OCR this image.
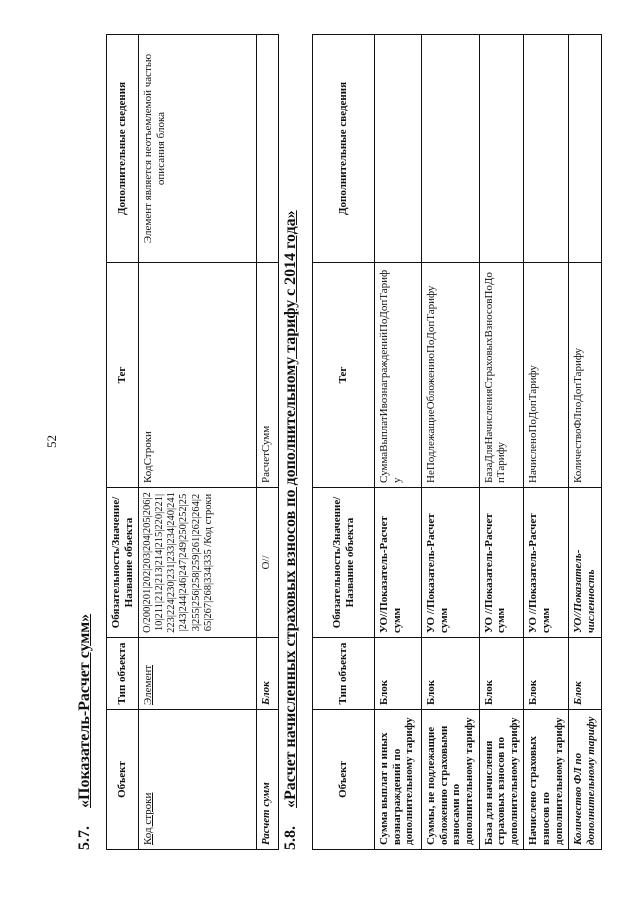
52
5.7.«Показатель-Расчет сумм» Объект	Тип объекта	Обязательность/Значение/Название объекта	Тег	Дополнительные сведения
Код строки	Элемент	О/200|201|202|203|204|205|206|210|211|212|213|214|215|220|221|223|224|230|231|233|234|240|241|243|244|246|247|249|250|252|253|255|256|258|259|261|262|264|265|267|268|334|335 /Код строки	КодСтроки	Элемент является неотъемлемой частью описания блока
Расчет сумм	Блок	О//	РасчетСумм	
5.8.«Расчет начисленных страховых взносов по дополнительному тарифу с 2014 года»	Объект	Тип объекта	Обязательность/Значение/Название объекта	Тег	Дополнительные сведения
Сумма выплат и иных вознаграждений по дополнительному тарифу	Блок	УО//Показатель-Расчет сумм	СуммаВыплатИвознагражденийПоДопТарифу	
Суммы, не подлежащие обложению страховыми взносами по дополнительному тарифу	Блок	УО //Показатель-Расчет сумм	НеПодлежащиеОбложениюПоДопТарифу	
База для начисления страховых взносов по дополнительному тарифу	Блок	УО //Показатель-Расчет сумм	БазаДляНачисленияСтраховыхВзносовПоДопТарифу	
Начислено страховых взносов по дополнительному тарифу	Блок	УО //Показатель-Расчет сумм	НачисленоПоДопТарифу	
Количество ФЛ по дополнительному тарифу	Блок	УО//Показатель-численность	КоличествоФЛпоДопТарифу	
